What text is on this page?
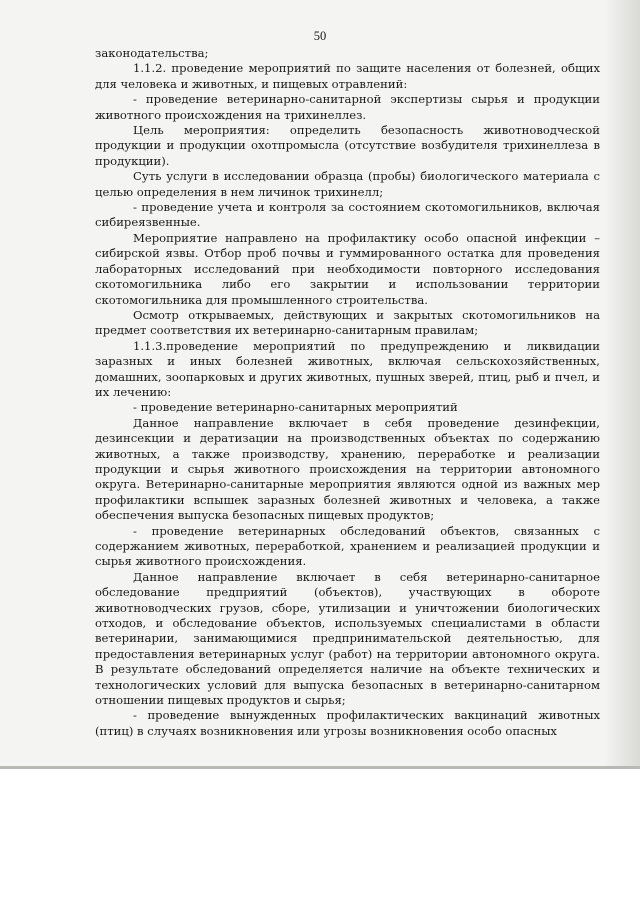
50

законодательства;

1.1.2. проведение мероприятий по защите населения от болезней, общих для человека и животных, и пищевых отравлений:

- проведение ветеринарно-санитарной экспертизы сырья и продукции животного происхождения на трихинеллез.

Цель мероприятия: определить безопасность животноводческой продукции и продукции охотпромысла (отсутствие возбудителя трихинеллеза в продукции).

Суть услуги в исследовании образца (пробы) биологического материала с целью определения в нем личинок трихинелл;

- проведение учета и контроля за состоянием скотомогильников, включая сибиреязвенные.

Мероприятие направлено на профилактику особо опасной инфекции – сибирской язвы. Отбор проб почвы и гуммированного остатка для проведения лабораторных исследований при необходимости повторного исследования скотомогильника либо его закрытии и использовании территории скотомогильника для промышленного строительства.

Осмотр открываемых, действующих и закрытых скотомогильников на предмет соответствия их ветеринарно-санитарным правилам;

1.1.3.проведение мероприятий по предупреждению и ликвидации заразных и иных болезней животных, включая сельскохозяйственных, домашних, зоопарковых и других животных, пушных зверей, птиц, рыб и пчел, и их лечению:

- проведение ветеринарно-санитарных мероприятий

Данное направление включает в себя проведение дезинфекции, дезинсекции и дератизации на производственных объектах по содержанию животных, а также производству, хранению, переработке и реализации продукции и сырья животного происхождения на территории автономного округа. Ветеринарно-санитарные мероприятия являются одной из важных мер профилактики вспышек заразных болезней животных и человека, а также обеспечения выпуска безопасных пищевых продуктов;

- проведение ветеринарных обследований объектов, связанных с содержанием животных, переработкой, хранением и реализацией продукции и сырья животного происхождения.

Данное направление включает в себя ветеринарно-санитарное обследование предприятий (объектов), участвующих в обороте животноводческих грузов, сборе, утилизации и уничтожении биологических отходов, и обследование объектов, используемых специалистами в области ветеринарии, занимающимися предпринимательской деятельностью, для предоставления ветеринарных услуг (работ) на территории автономного округа. В результате обследований определяется наличие на объекте технических и технологических условий для выпуска безопасных в ветеринарно-санитарном отношении пищевых продуктов и сырья;

- проведение вынужденных профилактических вакцинаций животных (птиц) в случаях возникновения или угрозы возникновения особо опасных
